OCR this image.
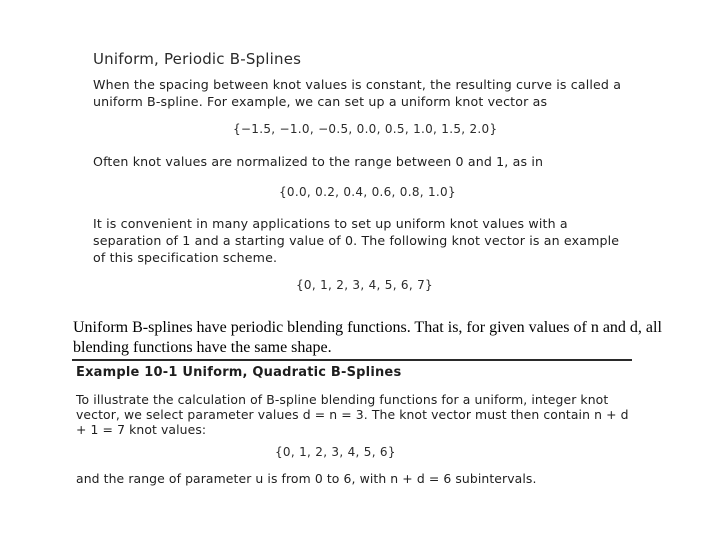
Uniform, Periodic B-Splines

When the spacing between knot values is constant, the resulting curve is called a uniform B-spline. For example, we can set up a uniform knot vector as

{−1.5, −1.0, −0.5, 0.0, 0.5, 1.0, 1.5, 2.0}

Often knot values are normalized to the range between 0 and 1, as in

{0.0, 0.2, 0.4, 0.6, 0.8, 1.0}

It is convenient in many applications to set up uniform knot values with a separation of 1 and a starting value of 0. The following knot vector is an example of this specification scheme.

{0, 1, 2, 3, 4, 5, 6, 7}

Uniform B-splines have periodic blending functions. That is, for given values of n and d, all blending functions have the same shape.

Example 10-1 Uniform, Quadratic B-Splines

To illustrate the calculation of B-spline blending functions for a uniform, integer knot vector, we select parameter values d = n = 3. The knot vector must then contain n + d + 1 = 7 knot values:

{0, 1, 2, 3, 4, 5, 6}

and the range of parameter u is from 0 to 6, with n + d = 6 subintervals.
